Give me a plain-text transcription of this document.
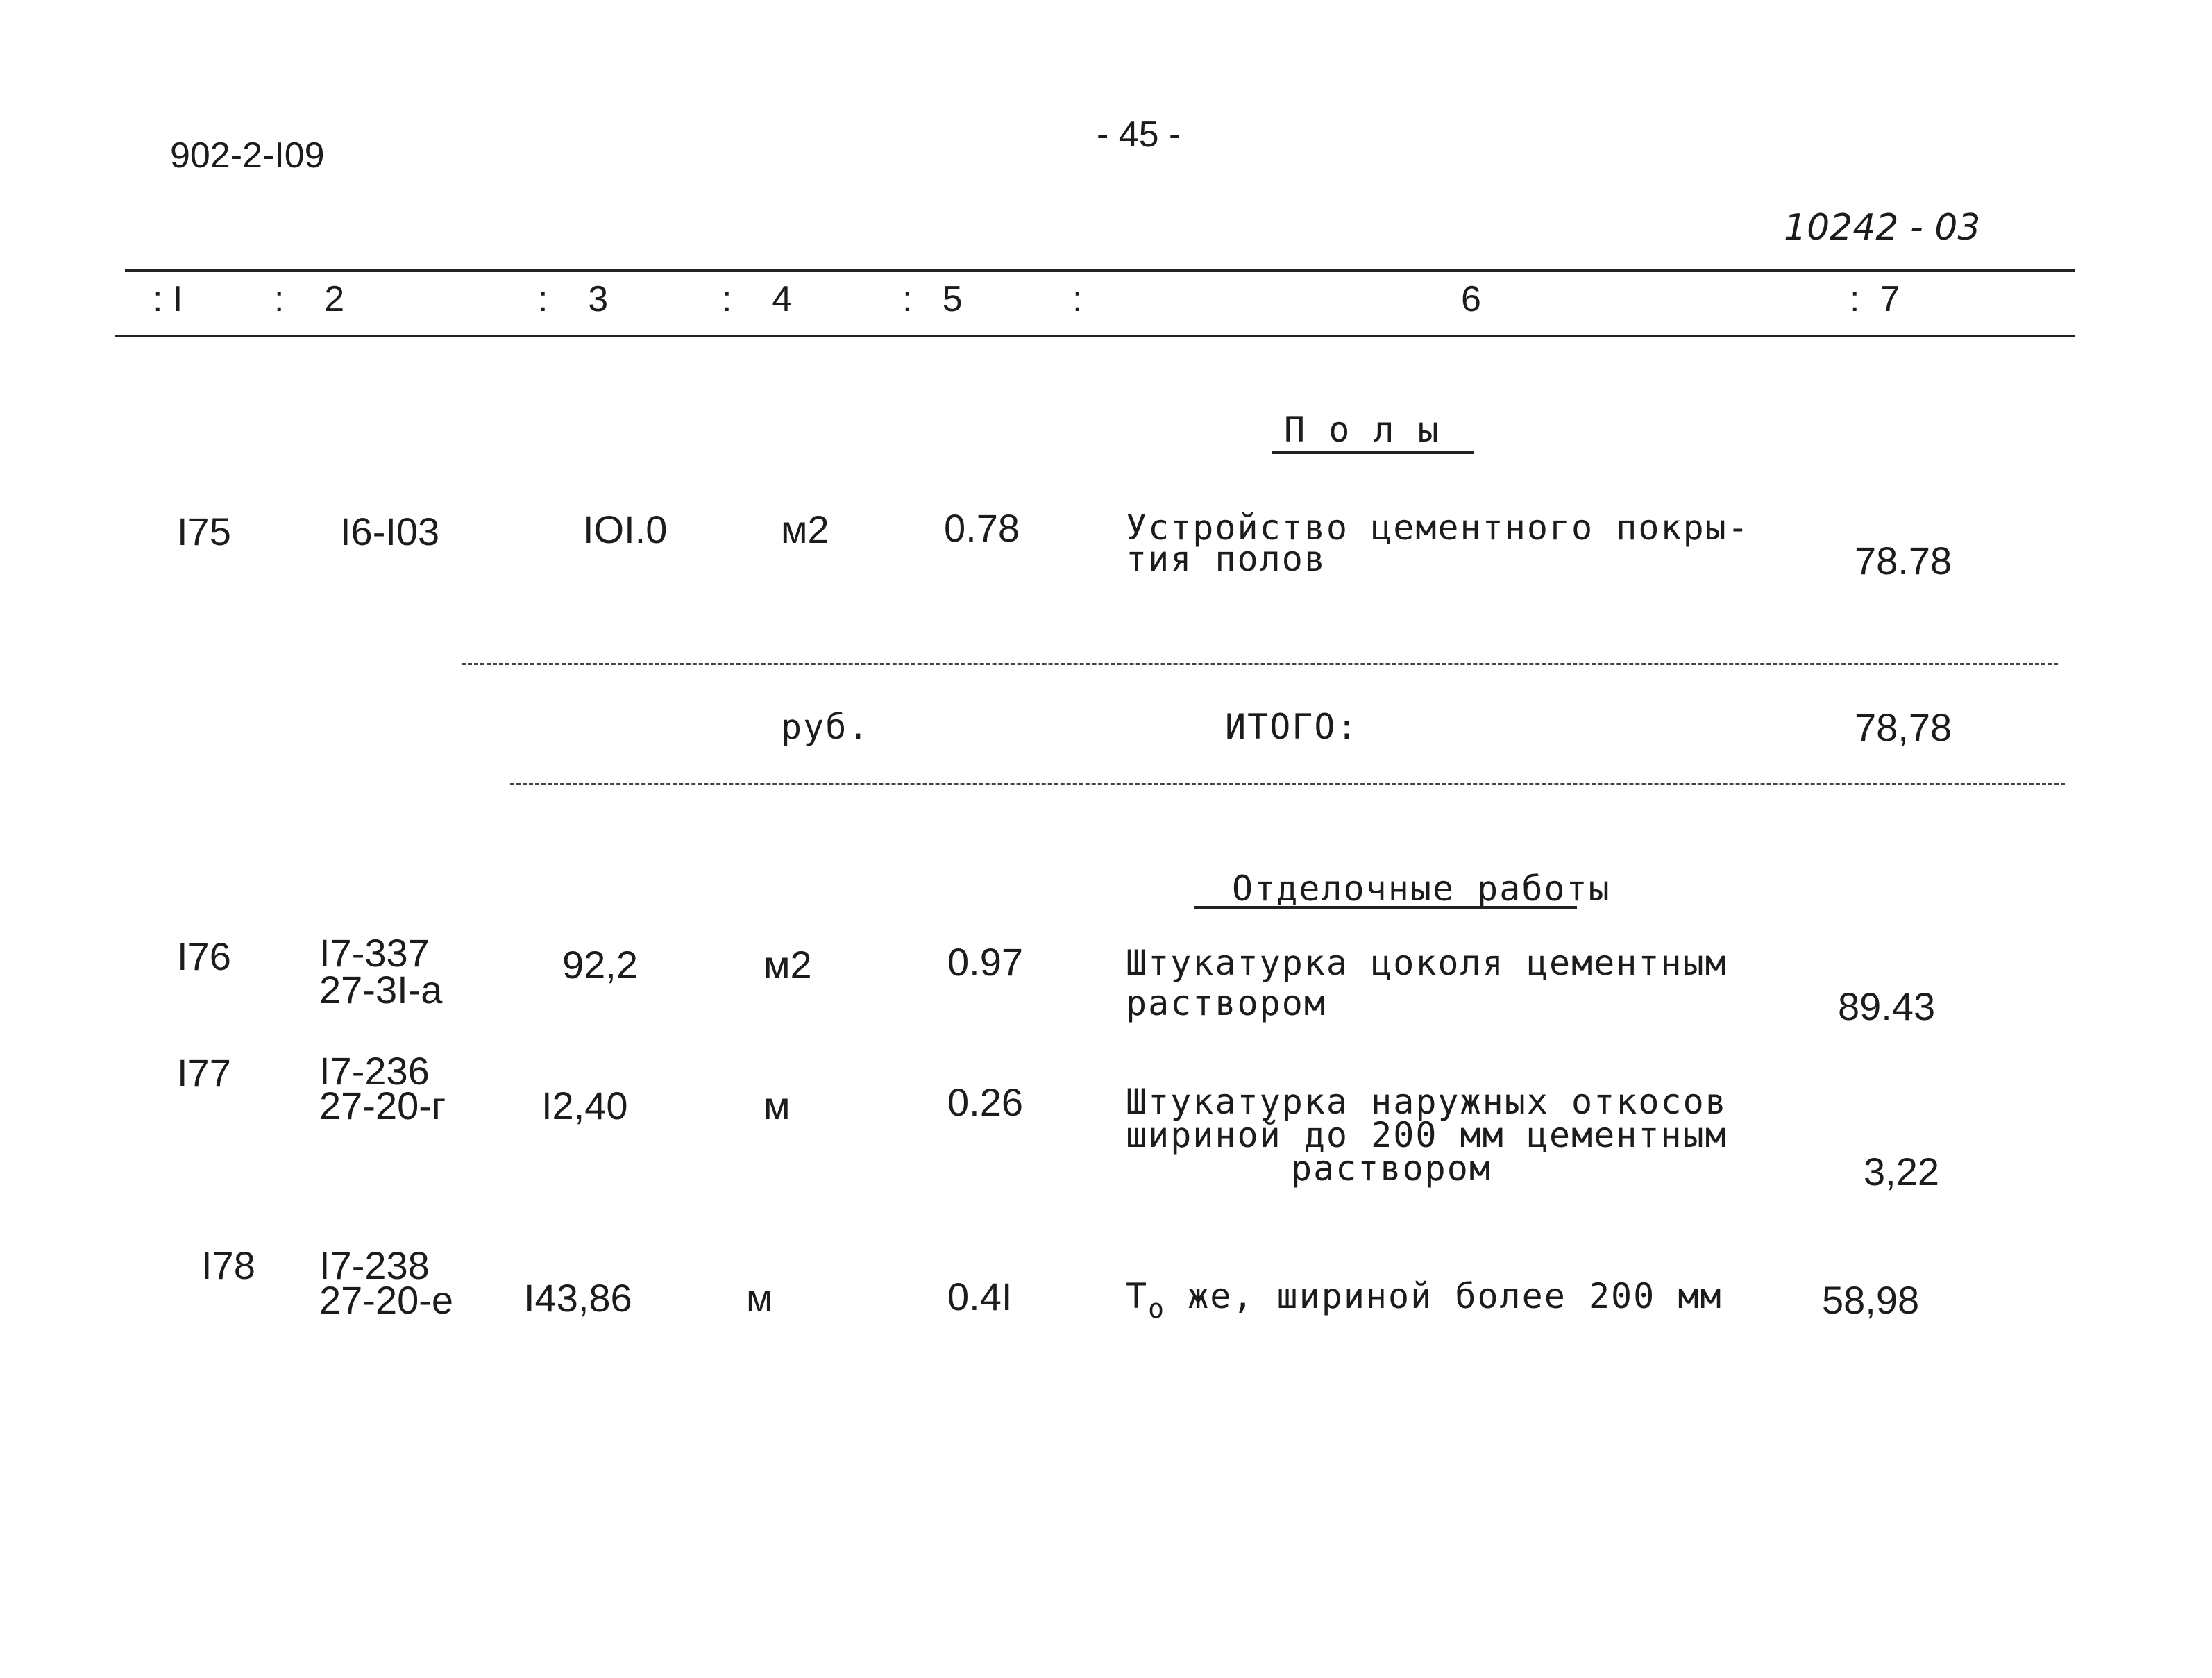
902-2-I09
- 45 -
10242 - 03
: I	:    2	:    3	:    4	:   5	:	6	:  7
П о л ы
I75	I6-I03	IOI.0	м2	0.78	Устройство цементного покры-
тия полов	78.78
руб.	ИТОГО:	78,78
Отделочные работы
I76 I7-337
27-3I-а
92,2	м2	0.97	Штукатурка цоколя цементным
раствором	89.43
I77 I7-236
27-20-г I2,40	м	0.26	Штукатурка наружных откосов
шириной до 200 мм цементным
раствором	3,22
I78 I7-238
27-20-е I43,86	м	0.4I	$Т_о$ же, шириной более 200 мм	58,98
